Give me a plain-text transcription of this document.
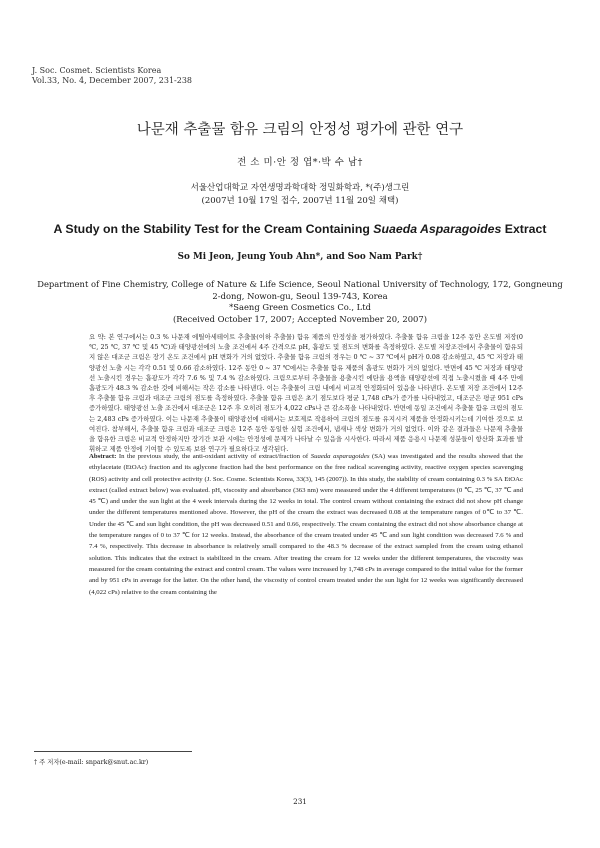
J. Soc. Cosmet. Scientists Korea
Vol.33, No. 4, December 2007, 231-238
나문재 추출물 함유 크림의 안정성 평가에 관한 연구
전 소 미·안 정 엽*·박 수 남†
서울산업대학교 자연생명과학대학 정밀화학과, *(주)생그린
(2007년 10월 17일 접수, 2007년 11월 20일 채택)
A Study on the Stability Test for the Cream Containing Suaeda Asparagoides Extract
So Mi Jeon, Jeung Youb Ahn*, and Soo Nam Park†
Department of Fine Chemistry, College of Nature & Life Science, Seoul National University of Technology, 172, Gongneung
2-dong, Nowon-gu, Seoul 139-743, Korea
*Saeng Green Cosmetics Co., Ltd
(Received October 17, 2007; Accepted November 20, 2007)
요 약: 본 연구에서는 0.3 % 나문재 에틸아세테이트 추출물(이하 추출물) 함유 제품의 안정성을 평가하였다. 추출물 함유 크림을 12주 동안 온도별 저장(0 ℃, 25 ℃, 37 ℃ 및 45 ℃)과 태양광선에의 노출 조건에서 4주 간격으로 pH, 흡광도 및 점도의 변화를 측정하였다. 온도별 저장조건에서 추출물이 함유되지 않은 대조군 크림은 장기 온도 조건에서 pH 변화가 거의 없었다. 추출물 함유 크림의 경우는 0 ℃ ~ 37 ℃에서 pH가 0.08 감소하였고, 45 ℃ 저장과 태양광선 노출 시는 각각 0.51 및 0.66 감소하였다. 12주 동안 0 ~ 37 ℃에서는 추출물 함유 제품의 흡광도 변화가 거의 없었다. 반면에 45 ℃ 저장과 태양광선 노출시킨 경우는 흡광도가 각각 7.6 % 및 7.4 % 감소하였다. 크림으로부터 추출물을 용출시킨 에탄올 용액을 태양광선에 직접 노출시켰을 때 4주 만에 흡광도가 48.3 % 감소한 것에 비해서는 작은 감소를 나타낸다. 이는 추출물이 크림 내에서 비교적 안정화되어 있음을 나타낸다. 온도별 저장 조건에서 12주 후 추출물 함유 크림과 대조군 크림의 점도를 측정하였다. 추출물 함유 크림은 초기 점도보다 평균 1,748 cPs가 증가를 나타내었고, 대조군은 평균 951 cPs 증가하였다. 태양광선 노출 조건에서 대조군은 12주 후 오히려 점도가 4,022 cPs나 큰 감소폭을 나타내었다. 반면에 동일 조건에서 추출물 함유 크림의 점도는 2,483 cPs 증가하였다. 이는 나문재 추출물이 태양광선에 대해서는 보호제로 작용하여 크림의 점도를 유지시켜 제품을 안정화시키는데 기여한 것으로 보여진다. 참부해서, 추출물 함유 크림과 대조군 크림은 12주 동안 동일한 실험 조건에서, 냄새나 색상 변화가 거의 없었다. 이와 같은 결과들은 나문재 추출물을 함유한 크림은 비교적 안정하지만 장기간 보관 시에는 안정성에 문제가 나타날 수 있음을 시사한다. 따라서 제품 응용시 나문재 성분들이 항산화 효과를 발휘하고 제품 안정에 기여할 수 있도록 보완 연구가 필요하다고 생각된다.
Abstract: In the previous study, the anti-oxidant activity of extract/fraction of Suaeda asparagoides (SA) was investigated and the results showed that the ethylacetate (EtOAc) fraction and its aglycone fraction had the best performance on the free radical scavenging activity, reactive oxygen species scavenging (ROS) activity and cell protective activity (J. Soc. Cosme. Scientists Korea, 33(3), 145 (2007)). In this study, the stability of cream containing 0.3 % SA EtOAc extract (called extract below) was evaluated. pH, viscosity and absorbance (363 nm) were measured under the 4 different temperatures (0 ℃, 25 ℃, 37 ℃ and 45 ℃) and under the sun light at the 4 week intervals during the 12 weeks in total. The control cream without containing the extract did not show pH change under the different temperatures mentioned above. However, the pH of the cream the extract was decreased 0.08 at the temperature ranges of 0℃ to 37 ℃. Under the 45 ℃ and sun light condition, the pH was decreased 0.51 and 0.66, respectively. The cream containing the extract did not show absorbance change at the temperature ranges of 0 to 37 ℃ for 12 weeks. Instead, the absorbance of the cream treated under 45 ℃ and sun light condition was decreased 7.6 % and 7.4 %, respectively. This decrease in absorbance is relatively small compared to the 48.3 % decrease of the extract sampled from the cream using ethanol solution. This indicates that the extract is stabilized in the cream. After treating the cream for 12 weeks under the different temperatures, the viscosity was measured for the cream containing the extract and control cream. The values were increased by 1,748 cPs in average compared to the initial value for the former and by 951 cPs in average for the latter. On the other hand, the viscosity of control cream treated under the sun light for 12 weeks was significantly decreased (4,022 cPs) relative to the cream containing the
† 주 저자(e-mail: snpark@snut.ac.kr)
231
